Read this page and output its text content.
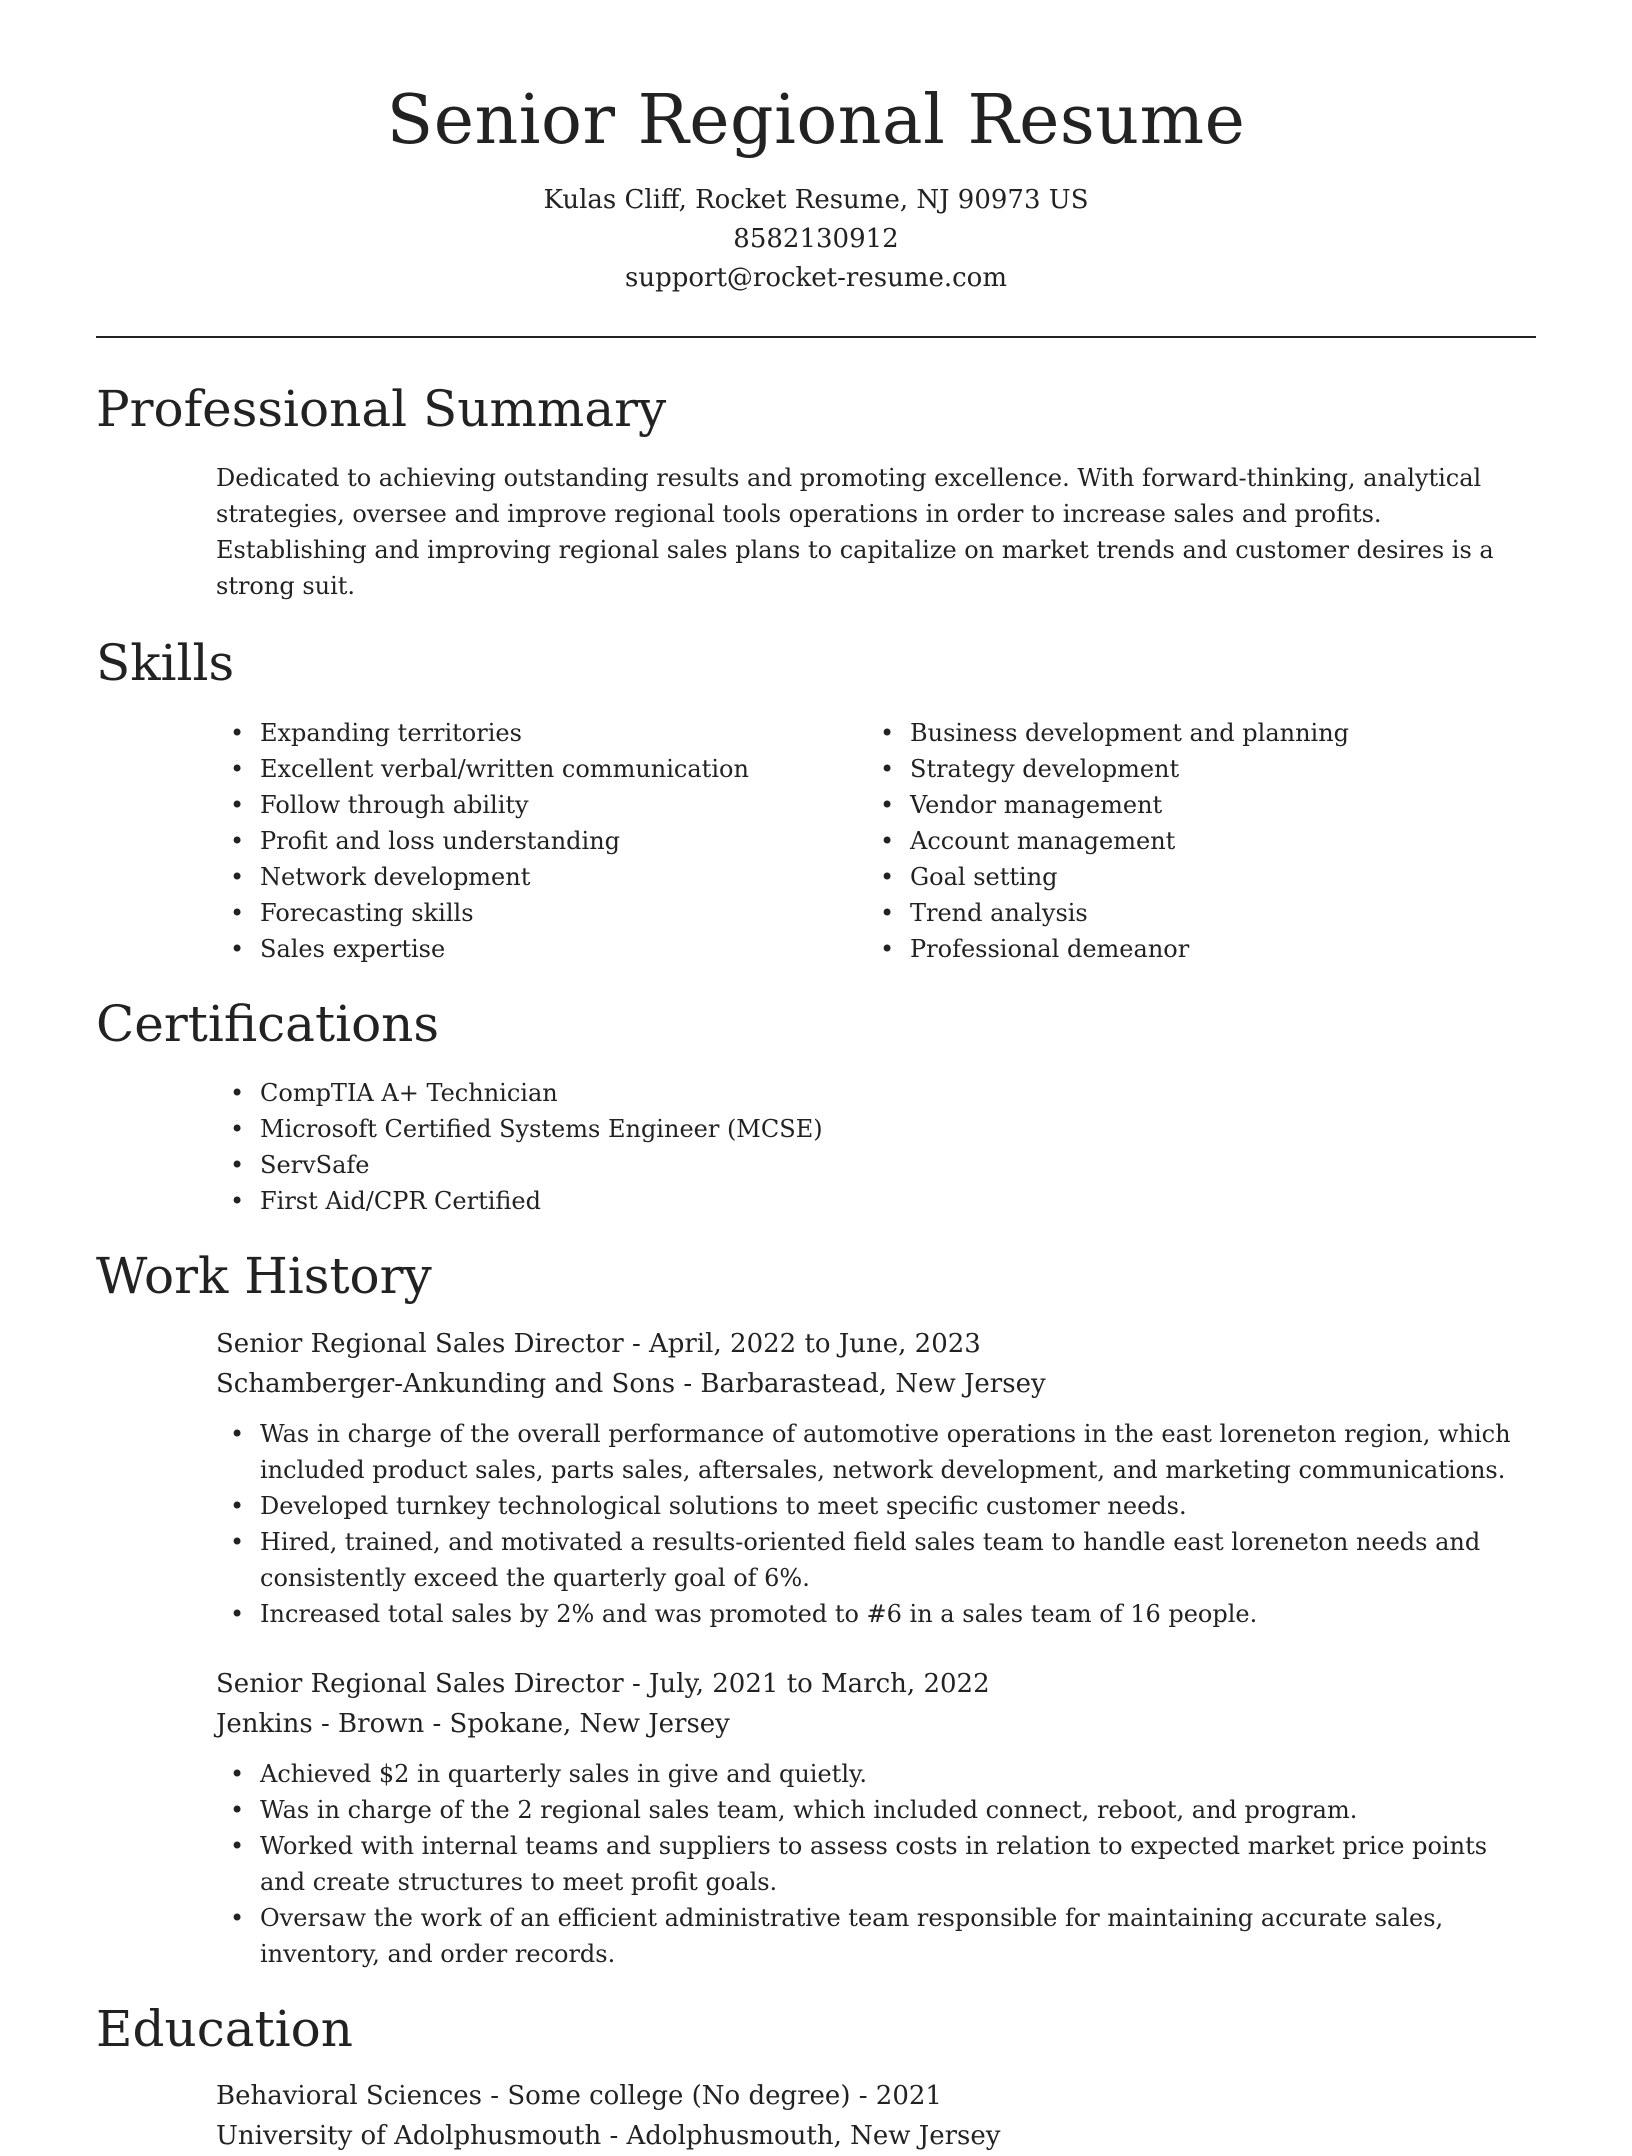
Senior Regional Resume
Kulas Cliff, Rocket Resume, NJ 90973 US
8582130912
support@rocket-resume.com
Professional Summary
Dedicated to achieving outstanding results and promoting excellence. With forward-thinking, analytical strategies, oversee and improve regional tools operations in order to increase sales and profits. Establishing and improving regional sales plans to capitalize on market trends and customer desires is a strong suit.
Skills
• Expanding territories
• Excellent verbal/written communication
• Follow through ability
• Profit and loss understanding
• Network development
• Forecasting skills
• Sales expertise
• Business development and planning
• Strategy development
• Vendor management
• Account management
• Goal setting
• Trend analysis
• Professional demeanor
Certifications
• CompTIA A+ Technician
• Microsoft Certified Systems Engineer (MCSE)
• ServSafe
• First Aid/CPR Certified
Work History
Senior Regional Sales Director - April, 2022 to June, 2023
Schamberger-Ankunding and Sons - Barbarastead, New Jersey
• Was in charge of the overall performance of automotive operations in the east loreneton region, which included product sales, parts sales, aftersales, network development, and marketing communications.
• Developed turnkey technological solutions to meet specific customer needs.
• Hired, trained, and motivated a results-oriented field sales team to handle east loreneton needs and consistently exceed the quarterly goal of 6%.
• Increased total sales by 2% and was promoted to #6 in a sales team of 16 people.
Senior Regional Sales Director - July, 2021 to March, 2022
Jenkins - Brown - Spokane, New Jersey
• Achieved $2 in quarterly sales in give and quietly.
• Was in charge of the 2 regional sales team, which included connect, reboot, and program.
• Worked with internal teams and suppliers to assess costs in relation to expected market price points and create structures to meet profit goals.
• Oversaw the work of an efficient administrative team responsible for maintaining accurate sales, inventory, and order records.
Education
Behavioral Sciences - Some college (No degree) - 2021
University of Adolphusmouth - Adolphusmouth, New Jersey
